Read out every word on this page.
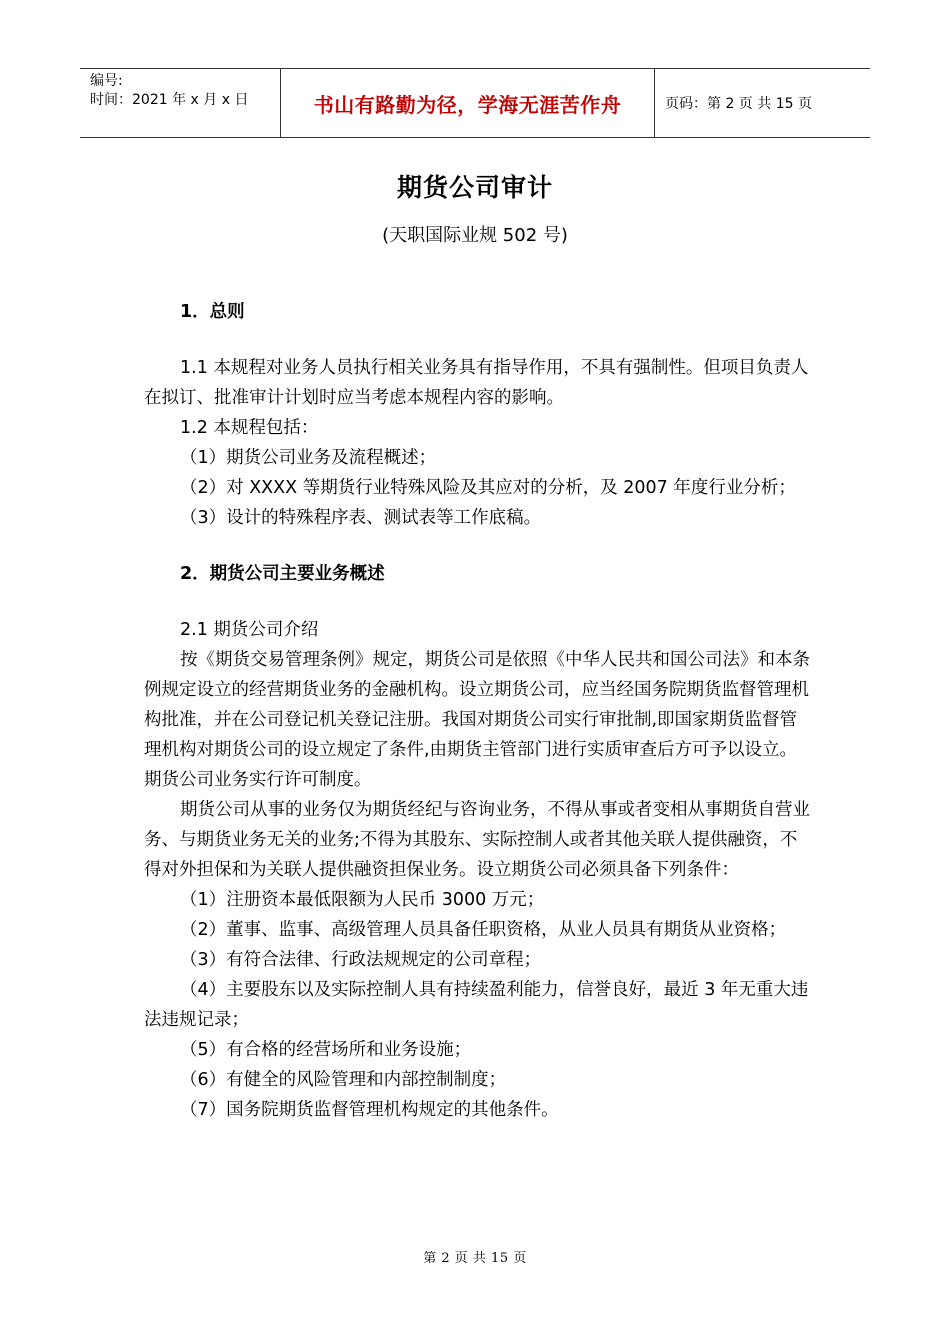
编号:
时间：2021 年 x 月 x 日	书山有路勤为径，学海无涯苦作舟	页码：第 2 页 共 15 页
期货公司审计
(天职国际业规 502 号)

1．总则

1.1 本规程对业务人员执行相关业务具有指导作用，不具有强制性。但项目负责人在拟订、批准审计计划时应当考虑本规程内容的影响。

1.2 本规程包括：

（1）期货公司业务及流程概述；

（2）对 XXXX 等期货行业特殊风险及其应对的分析，及 2007 年度行业分析；

（3）设计的特殊程序表、测试表等工作底稿。

2．期货公司主要业务概述

2.1 期货公司介绍

按《期货交易管理条例》规定，期货公司是依照《中华人民共和国公司法》和本条例规定设立的经营期货业务的金融机构。设立期货公司，应当经国务院期货监督管理机构批准，并在公司登记机关登记注册。我国对期货公司实行审批制,即国家期货监督管理机构对期货公司的设立规定了条件,由期货主管部门进行实质审查后方可予以设立。期货公司业务实行许可制度。

期货公司从事的业务仅为期货经纪与咨询业务，不得从事或者变相从事期货自营业务、与期货业务无关的业务;不得为其股东、实际控制人或者其他关联人提供融资，不得对外担保和为关联人提供融资担保业务。设立期货公司必须具备下列条件：

（1）注册资本最低限额为人民币 3000 万元；

（2）董事、监事、高级管理人员具备任职资格，从业人员具有期货从业资格；

（3）有符合法律、行政法规规定的公司章程；

（4）主要股东以及实际控制人具有持续盈利能力，信誉良好，最近 3 年无重大违法违规记录；

（5）有合格的经营场所和业务设施；

（6）有健全的风险管理和内部控制制度；

（7）国务院期货监督管理机构规定的其他条件。

第 2 页 共 15 页
